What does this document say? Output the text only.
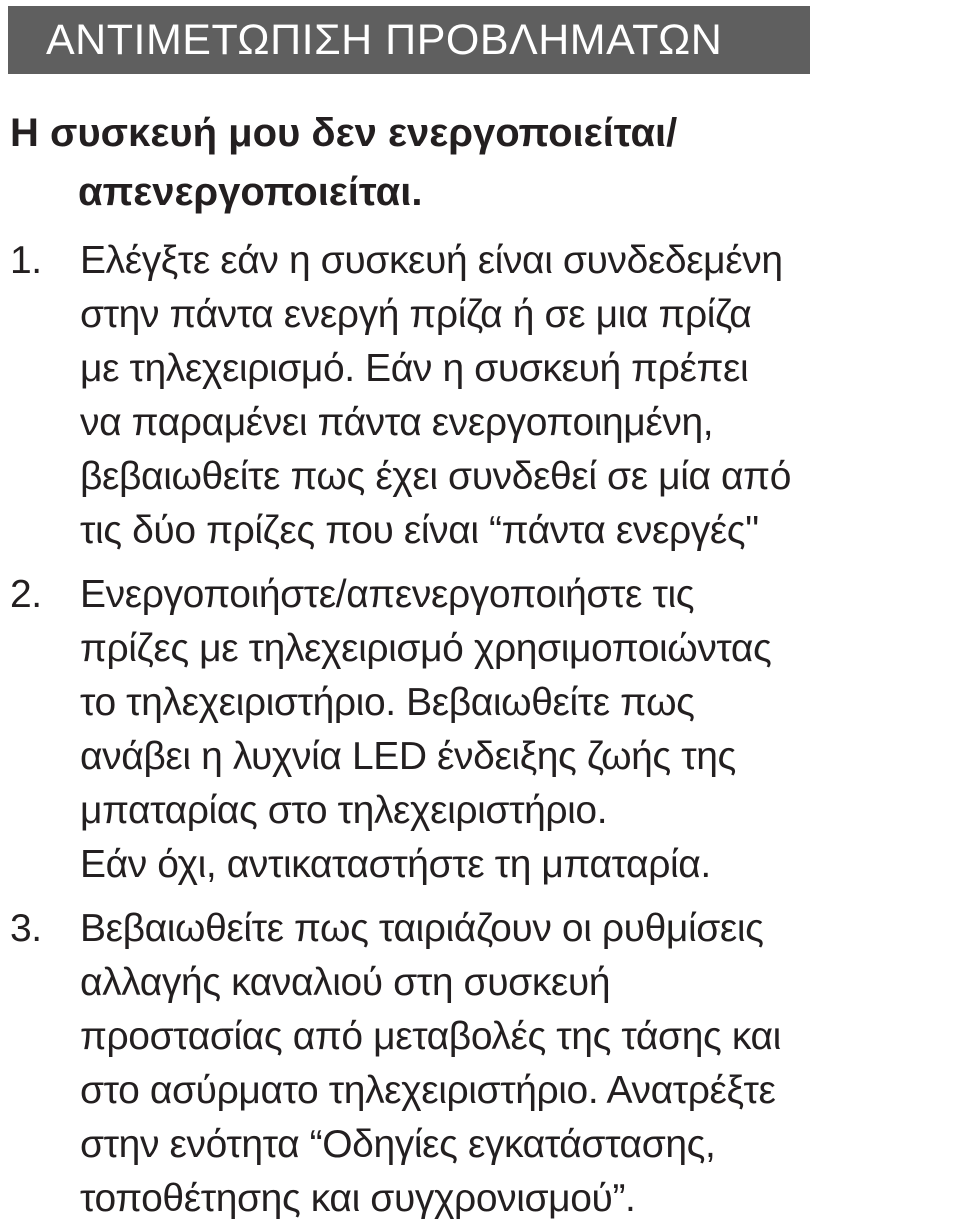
ΑΝΤΙΜΕΤΩΠΙΣΗ ΠΡΟΒΛΗΜΑΤΩΝ
Η συσκευή μου δεν ενεργοποιείται/
απενεργοποιείται.
1. Ελέγξτε εάν η συσκευή είναι συνδεδεμένη
στην πάντα ενεργή πρίζα ή σε μια πρίζα
με τηλεχειρισμό. Εάν η συσκευή πρέπει
να παραμένει πάντα ενεργοποιημένη,
βεβαιωθείτε πως έχει συνδεθεί σε μία από
τις δύο πρίζες που είναι “πάντα ενεργές"
2. Ενεργοποιήστε/απενεργοποιήστε τις
πρίζες με τηλεχειρισμό χρησιμοποιώντας
το τηλεχειριστήριο. Βεβαιωθείτε πως
ανάβει η λυχνία LED ένδειξης ζωής της
μπαταρίας στο τηλεχειριστήριο.
Εάν όχι, αντικαταστήστε τη μπαταρία.
3. Βεβαιωθείτε πως ταιριάζουν οι ρυθμίσεις
αλλαγής καναλιού στη συσκευή
προστασίας από μεταβολές της τάσης και
στο ασύρματο τηλεχειριστήριο. Ανατρέξτε
στην ενότητα “Οδηγίες εγκατάστασης,
τοποθέτησης και συγχρονισμού”.
